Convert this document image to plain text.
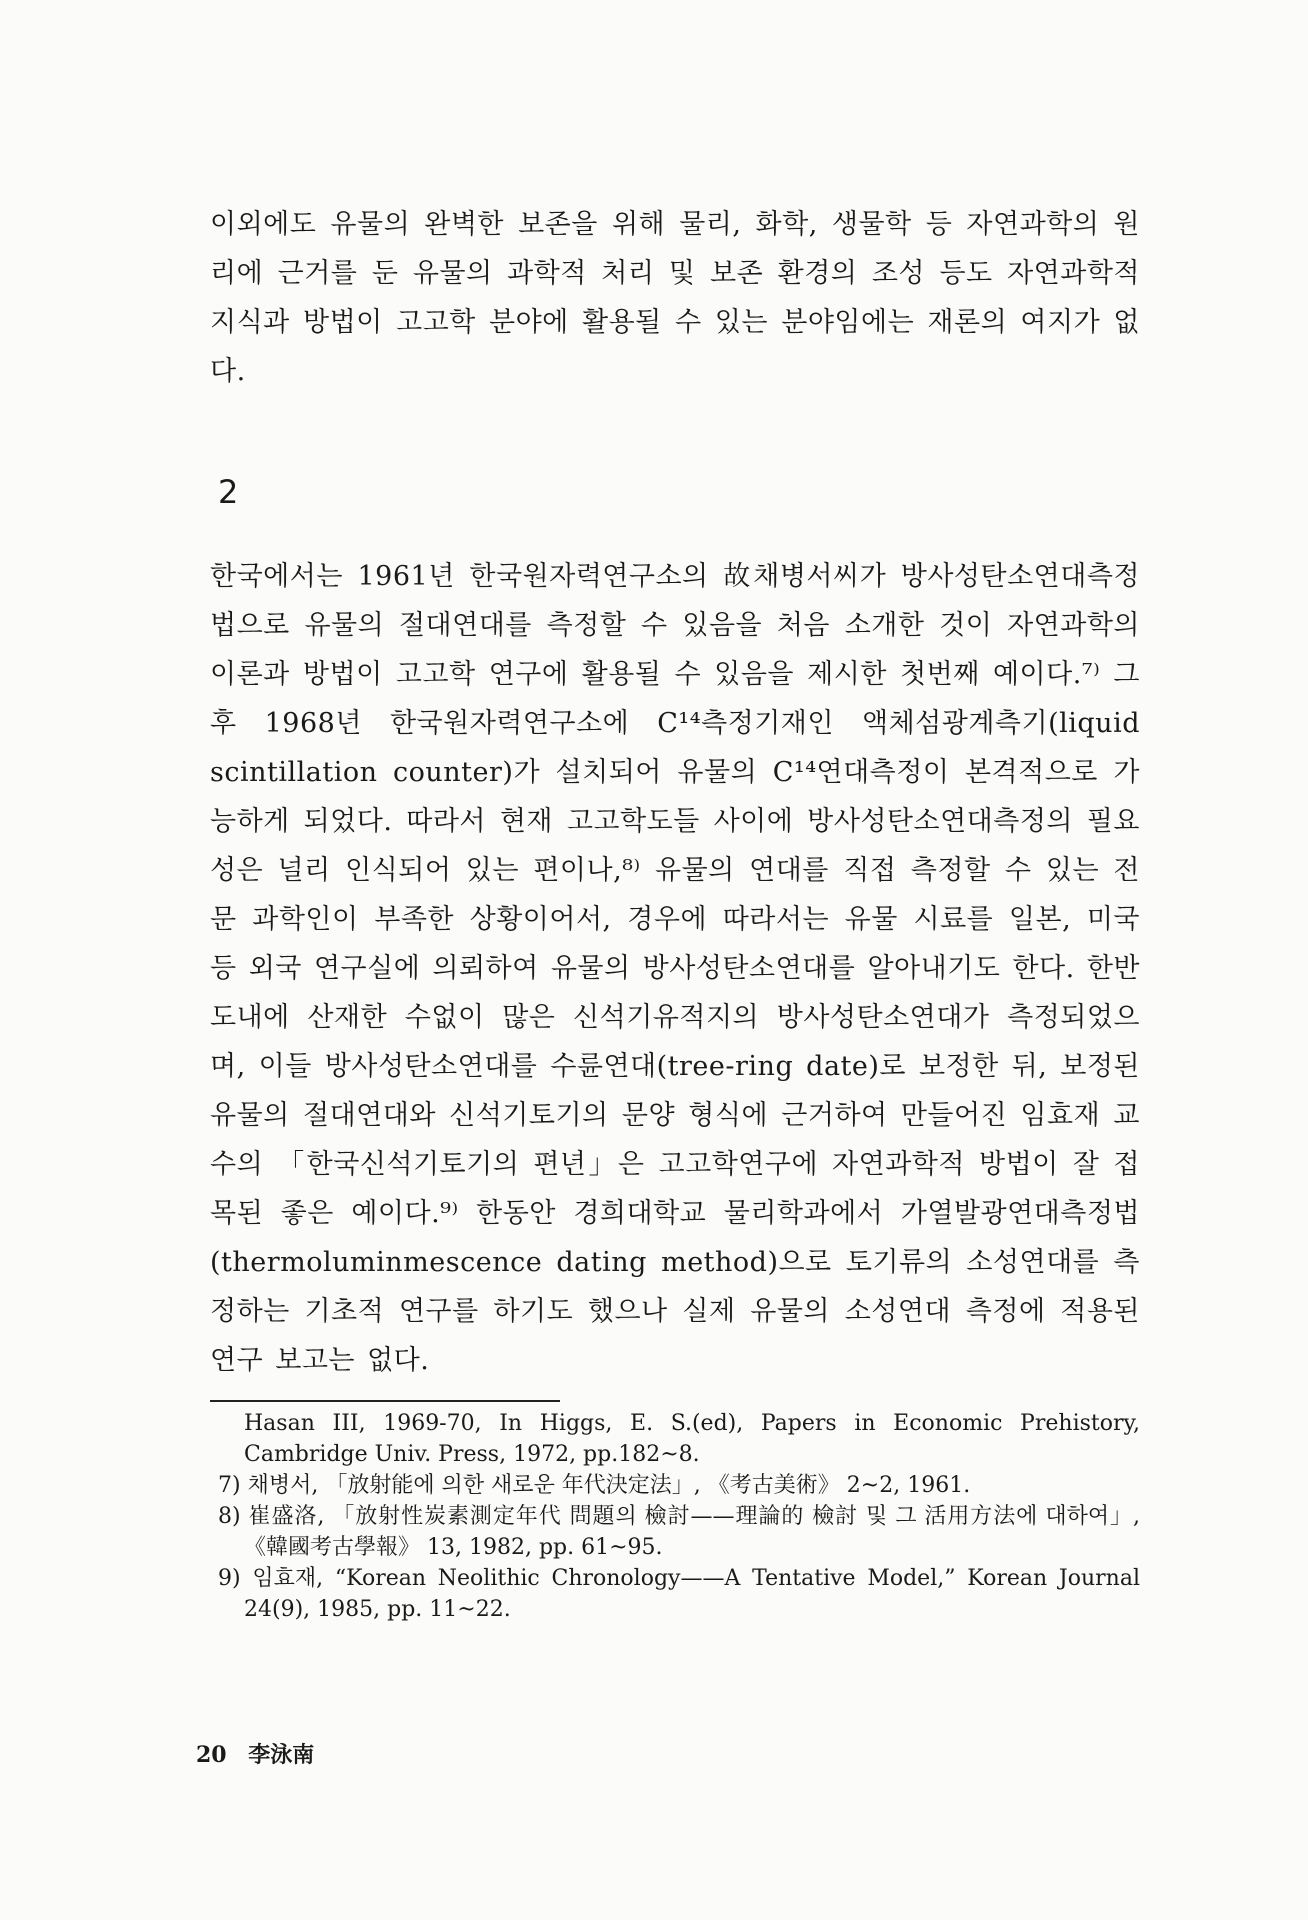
이외에도 유물의 완벽한 보존을 위해 물리, 화학, 생물학 등 자연과학의 원리에 근거를 둔 유물의 과학적 처리 및 보존 환경의 조성 등도 자연과학적 지식과 방법이 고고학 분야에 활용될 수 있는 분야임에는 재론의 여지가 없다.

2

한국에서는 1961년 한국원자력연구소의 故채병서씨가 방사성탄소연대측정법으로 유물의 절대연대를 측정할 수 있음을 처음 소개한 것이 자연과학의 이론과 방법이 고고학 연구에 활용될 수 있음을 제시한 첫번째 예이다.⁷⁾ 그후 1968년 한국원자력연구소에 C¹⁴측정기재인 액체섬광계측기(liquid scintillation counter)가 설치되어 유물의 C¹⁴연대측정이 본격적으로 가능하게 되었다. 따라서 현재 고고학도들 사이에 방사성탄소연대측정의 필요성은 널리 인식되어 있는 편이나,⁸⁾ 유물의 연대를 직접 측정할 수 있는 전문 과학인이 부족한 상황이어서, 경우에 따라서는 유물 시료를 일본, 미국 등 외국 연구실에 의뢰하여 유물의 방사성탄소연대를 알아내기도 한다. 한반도내에 산재한 수없이 많은 신석기유적지의 방사성탄소연대가 측정되었으며, 이들 방사성탄소연대를 수륜연대(tree-ring date)로 보정한 뒤, 보정된 유물의 절대연대와 신석기토기의 문양 형식에 근거하여 만들어진 임효재 교수의 「한국신석기토기의 편년」은 고고학연구에 자연과학적 방법이 잘 접목된 좋은 예이다.⁹⁾ 한동안 경희대학교 물리학과에서 가열발광연대측정법(thermoluminmescence dating method)으로 토기류의 소성연대를 측정하는 기초적 연구를 하기도 했으나 실제 유물의 소성연대 측정에 적용된 연구 보고는 없다.

Hasan III, 1969-70, In Higgs, E. S.(ed), Papers in Economic Prehistory, Cambridge Univ. Press, 1972, pp.182~8.
7) 채병서, 「放射能에 의한 새로운 年代決定法」, 《考古美術》 2~2, 1961.
8) 崔盛洛, 「放射性炭素測定年代 問題의 檢討——理論的 檢討 및 그 活用方法에 대하여」, 《韓國考古學報》 13, 1982, pp. 61~95.
9) 임효재, “Korean Neolithic Chronology——A Tentative Model,” Korean Journal 24(9), 1985, pp. 11~22.
20 李泳南
